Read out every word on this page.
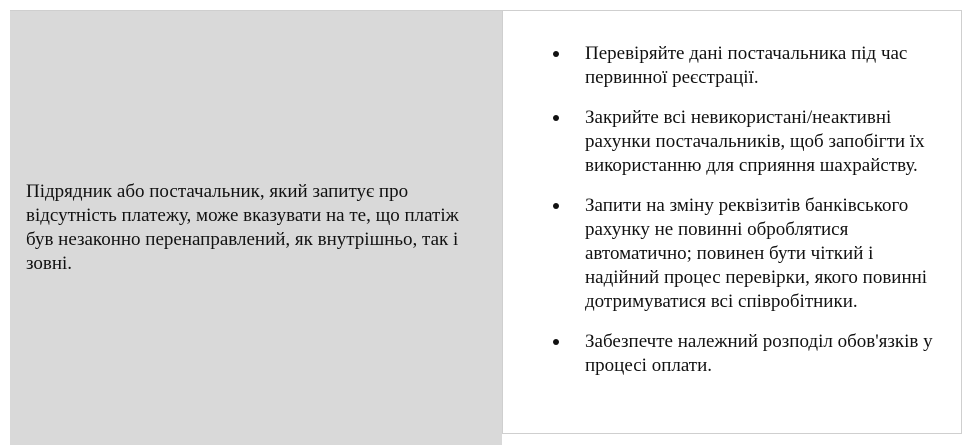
Підрядник або постачальник, який запитує про відсутність платежу, може вказувати на те, що платіж був незаконно перенаправлений, як внутрішньо, так і зовні.

Перевіряйте дані постачальника під час первинної реєстрації.
Закрийте всі невикористані/неактивні рахунки постачальників, щоб запобігти їх використанню для сприяння шахрайству.
Запити на зміну реквізитів банківського рахунку не повинні оброблятися автоматично; повинен бути чіткий і надійний процес перевірки, якого повинні дотримуватися всі співробітники.
Забезпечте належний розподіл обов'язків у процесі оплати.
